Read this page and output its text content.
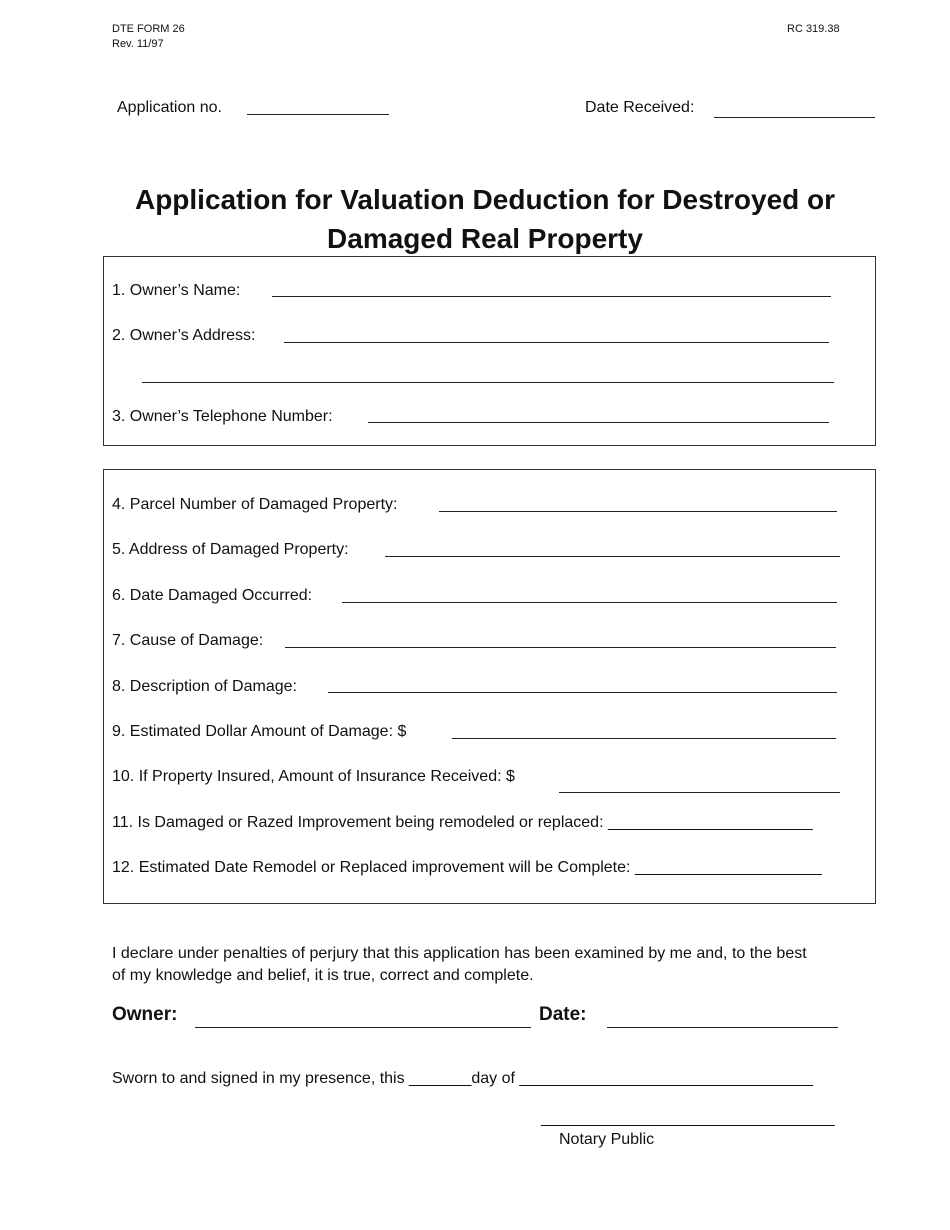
DTE FORM 26
Rev. 11/97
RC 319.38
Application no.	Date Received:
Application for Valuation Deduction for Destroyed or
Damaged Real Property
1. Owner’s Name:
2. Owner’s Address:
3. Owner’s Telephone Number:
4. Parcel Number of Damaged Property:
5. Address of Damaged Property:
6. Date Damaged Occurred:
7. Cause of Damage:
8. Description of Damage:
9. Estimated Dollar Amount of Damage: $
10. If Property Insured, Amount of Insurance Received: $
11. Is Damaged or Razed Improvement being remodeled or replaced: _______________________
12. Estimated Date Remodel or Replaced improvement will be Complete: _____________________
I declare under penalties of perjury that this application has been examined by me and, to the best
of my knowledge and belief, it is true, correct and complete.
Owner:	Date:
Sworn to and signed in my presence, this _______day of _________________________________
_________________________________
Notary Public
